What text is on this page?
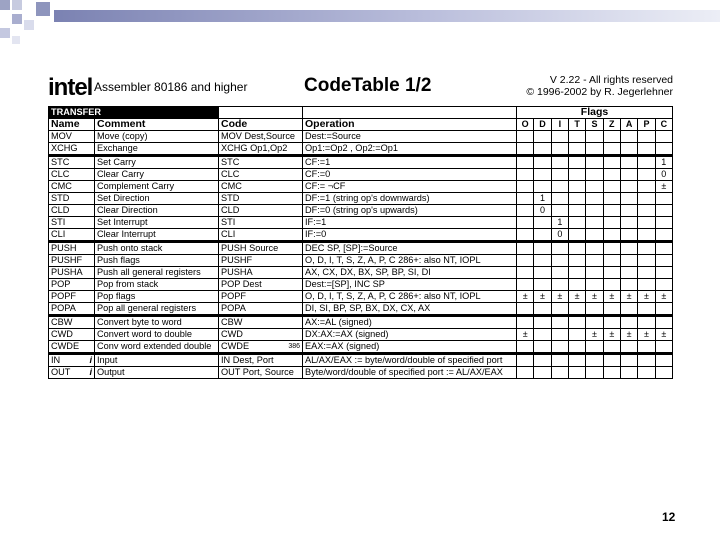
intel Assembler 80186 and higher	CodeTable 1/2	V 2.22 - All rights reserved
© 1996-2002 by R. Jegerlehner
TRANSFER				Flags								
Name	Comment	Code	Operation	O	D	I	T	S	Z	A	P	C
MOV	Move (copy)	MOV Dest,Source	Dest:=Source									
XCHG	Exchange	XCHG Op1,Op2	Op1:=Op2 , Op2:=Op1									
STC	Set Carry	STC	CF:=1									1
CLC	Clear Carry	CLC	CF:=0									0
CMC	Complement Carry	CMC	CF:= ¬CF									±
STD	Set Direction	STD	DF:=1 (string op's downwards)		1							
CLD	Clear Direction	CLD	DF:=0 (string op's upwards)		0							
STI	Set Interrupt	STI	IF:=1			1						
CLI	Clear Interrupt	CLI	IF:=0			0						
PUSH	Push onto stack	PUSH Source	DEC SP, [SP]:=Source									
PUSHF	Push flags	PUSHF	O, D, I, T, S, Z, A, P, C 286+: also NT, IOPL									
PUSHA	Push all general registers	PUSHA	AX, CX, DX, BX, SP, BP, SI, DI									
POP	Pop from stack	POP Dest	Dest:=[SP], INC SP									
POPF	Pop flags	POPF	O, D, I, T, S, Z, A, P, C 286+: also NT, IOPL	±	±	±	±	±	±	±	±	±
POPA	Pop all general registers	POPA	DI, SI, BP, SP, BX, DX, CX, AX									
CBW	Convert byte to word	CBW	AX:=AL (signed)									
CWD	Convert word to double	CWD	DX:AX:=AX (signed)	±				±	±	±	±	±
CWDE	Conv word extended double	CWDE 386	EAX:=AX (signed)									
IN i	Input	IN Dest, Port	AL/AX/EAX := byte/word/double of specified port									
OUT i	Output	OUT Port, Source	Byte/word/double of specified port := AL/AX/EAX									
12
